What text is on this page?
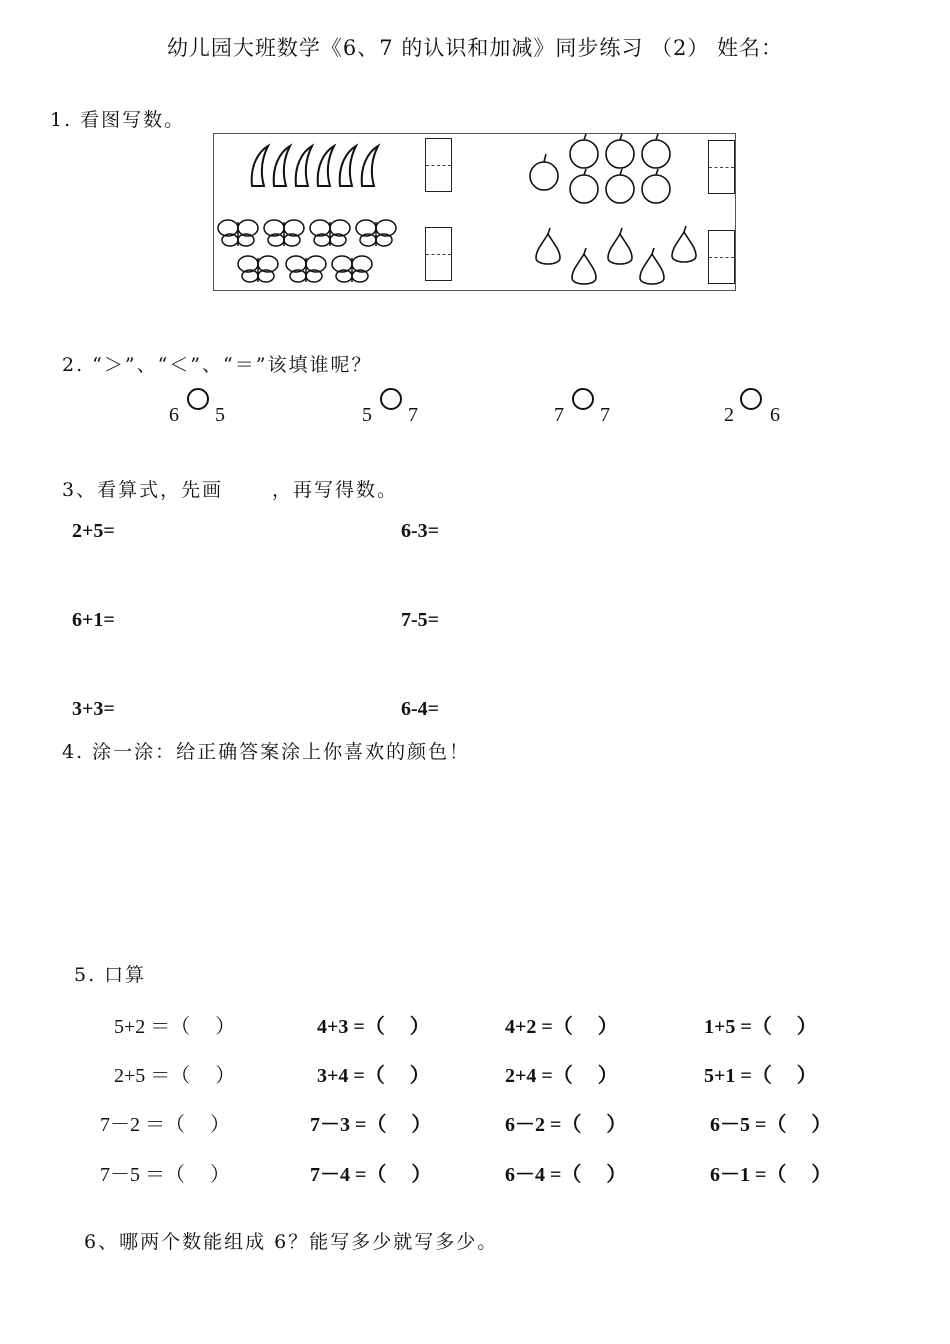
幼儿园大班数学《6、7 的认识和加减》同步练习 （2） 姓名：
1. 看图写数。
2. “＞”、“＜”、“＝”该填谁呢？
6 5	5 7	7 7	2 6
3、看算式，先画	，再写得数。
2+5=	6-3=
6+1=	7-5=
3+3=	6-4=
4. 涂一涂：给正确答案涂上你喜欢的颜色！
5. 口算
5+2 ＝（　 ）	4+3 =（　 ）	4+2 =（　 ）	1+5 =（　 ）
2+5 ＝（　 ）	3+4 =（　 ）	2+4 =（　 ）	5+1 =（　 ）
7－2 ＝（　 ）	7－3 =（　 ）	6－2 =（　 ）	6－5 =（　 ）
7－5 ＝（　 ）	7－4 =（　 ）	6－4 =（　 ）	6－1 =（　 ）
6、哪两个数能组成 6？能写多少就写多少。
